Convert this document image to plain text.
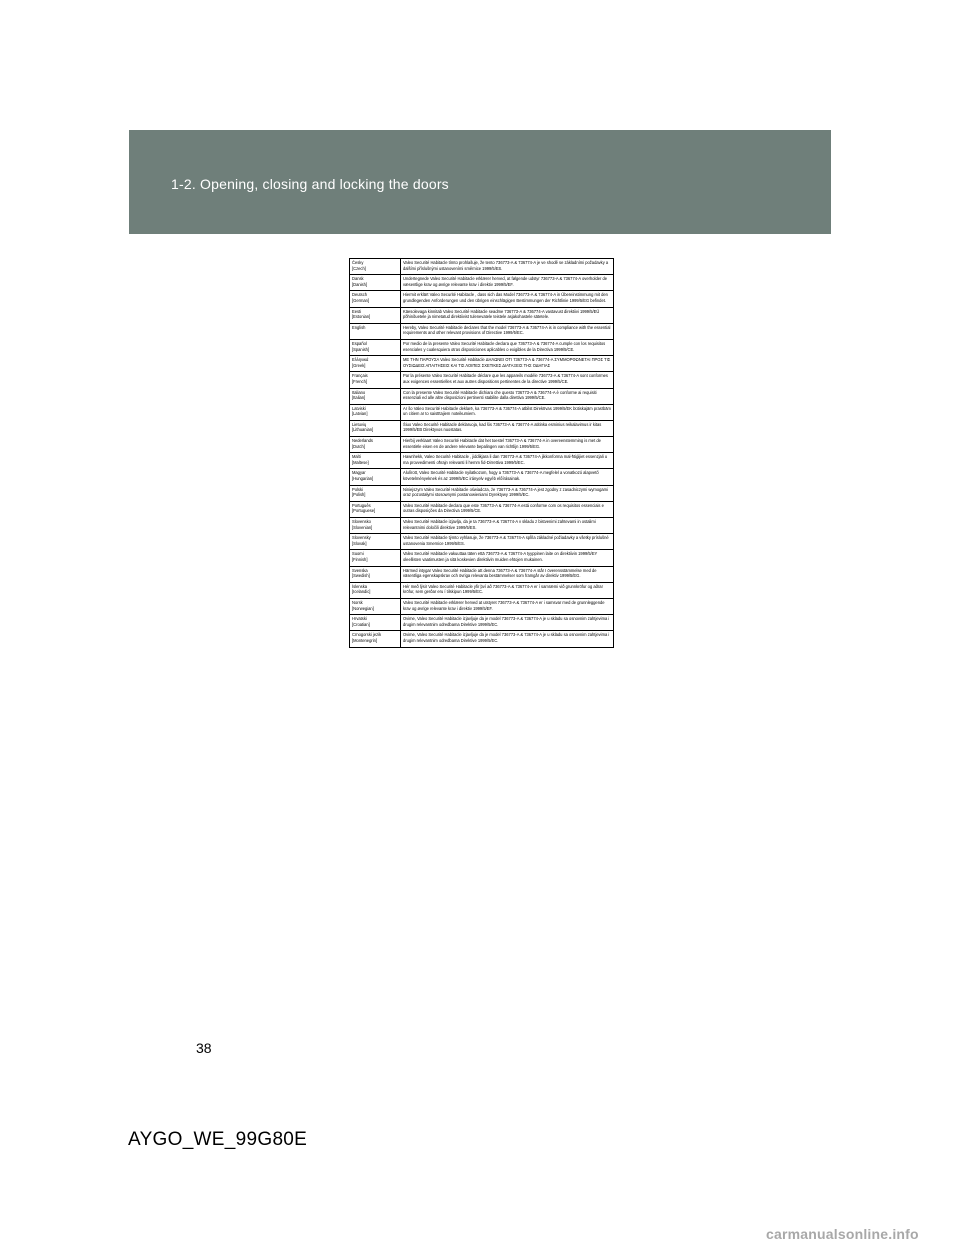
1-2. Opening, closing and locking the doors
Česky
[Czech]	Valeo Securité Habitacle tímto prohlašuje, že tento 736773-A & 736774-A je ve shodě se základními požadavky a dalšími příslušnými ustanoveními směrnice 1999/5/ES.

Dansk
[Danish]	Undertegnede Valeo Securité Habitacle erklærer herved, at følgende udstyr 736773-A & 736774-A overholder de væsentlige krav og øvrige relevante krav i direktiv 1999/5/EF.

Deutsch
[German]	Hiermit erklärt Valeo Securité Habitacle , dass sich das Model 736773-A & 736774-A in Übereinstimmung mit den grundlegenden Anforderungen und den übrigen einschlägigen Bestimmungen der Richtlinie 1999/5/EG befindet.

Eesti
[Estonian]	Käesolevaga kinnitab Valeo Securité Habitacle seadme 736773-A & 736774-A vastavust direktiivi 1999/5/EÜ põhinõuetele ja nimetatud direktiivist tulenevatele teistele asjakohastele sätetele.

English	Hereby, Valeo Securité Habitacle declares that the model 736773-A & 736774-A is in compliance with the essential requirements and other relevant provisions of Directive 1999/5/EC.

Español
[Spanish]	Por medio de la presente Valeo Securité Habitacle declara que 736773-A & 736774-A cumple con los requisitos esenciales y cualesquiera otras disposiciones aplicables o exigibles de la Directiva 1999/5/CE.

Ελληνικά
[Greek]	ΜΕ ΤΗΝ ΠΑΡΟΥΣΑ Valeo Securité Habitacle ΔΗΛΩΝΕΙ ΟΤΙ 736773-A & 736774-A ΣΥΜΜΟΡΦΩΝΕΤΑΙ ΠΡΟΣ ΤΙΣ ΟΥΣΙΩΔΕΙΣ ΑΠΑΙΤΗΣΕΙΣ ΚΑΙ ΤΙΣ ΛΟΙΠΕΣ ΣΧΕΤΙΚΕΣ ΔΙΑΤΑΞΕΙΣ ΤΗΣ ΟΔΗΓΙΑΣ

Français
[French]	Par la présente Valeo Securité Habitacle déclare que les appareils modèle 736773-A & 736774-A sont conformes aux exigences essentielles et aux autres dispositions pertinentes de la directive 1999/5/CE.

Italiano
[Italian]	Con la presente Valeo Securité Habitacle dichiara che questo 736773-A & 736774-A è conforme ai requisiti essenziali ed alle altre disposizioni pertinenti stabilite dalla direttiva 1999/5/CE.

Latviski
[Latvian]	Ar šo Valeo Securité Habitacle deklarē, ka 736773-A & 736774-A atbilst Direktīvas 1999/5/EK būtiskajām prasībām un citiem ar to saistītajiem noteikumiem.

Lietuvių
[Lithuanian]	Šiuo Valeo Securité Habitacle deklaruoja, kad šis 736773-A & 736774-A atitinka esminius reikalavimus ir kitas 1999/5/EB Direktyvos nuostatas.

Nederlands
[Dutch]	Hierbij verklaart Valeo Securité Habitacle dat het toestel 736773-A & 736774-A in overeenstemming is met de essentiële eisen en de andere relevante bepalingen van richtlijn 1999/5/EG.

Malti
[Maltese]	Hawnhekk, Valeo Securité Habitacle , jiddikjara li dan 736773-A & 736774-A jikkonforma mal-ħtiġijiet essenzjali u ma provvedimenti oħrajn relevanti li hemm fid-Dirrettiva 1999/5/EC.

Magyar
[Hungarian]	Alulírott, Valeo Securité Habitacle nyilatkozom, hogy a 736773-A & 736774-A megfelel a vonatkozó alapvetõ követelményeknek és az 1999/5/EC irányelv egyéb előírásainak.

Polski
[Polish]	Niniejszym Valeo Securité Habitacle oświadcza, że 736773-A & 736774-A jest zgodny z zasadniczymi wymogami oraz pozostałymi stosownymi postanowieniami Dyrektywy 1999/5/EC.

Português
[Portuguese]	Valeo Securité Habitacle declara que este 736773-A & 736774-A está conforme com os requisitos essenciais e outras disposições da Directiva 1999/5/CE.

Slovensko
[Slovenian]	Valeo Securité Habitacle izjavlja, da je ta 736773-A & 736774-A v skladu z bistvenimi zahtevami in ostalimi relevantnimi določili direktive 1999/5/ES.

Slovensky
[Slovak]	Valeo Securité Habitacle týmto vyhlasuje, že 736773-A & 736774-A spĺňa základné požiadavky a všetky príslušné ustanovenia Smernice 1999/5/ES.

Suomi
[Finnish]	Valeo Securité Habitacle vakuuttaa täten että 736773-A & 736774-A tyyppinen laite on direktiivin 1999/5/EY oleellisten vaatimusten ja sitä koskevien direktiivin muiden ehtojen mukainen.

Svenska
[Swedish]	Härmed intygar Valeo Securité Habitacle att denna 736773-A & 736774-A står I överensstämmelse med de väsentliga egenskapskrav och övriga relevanta bestämmelser som framgår av direktiv 1999/5/EG.

Íslenska
[Icelandic]	Hér með lýsir Valeo Securité Habitacle yfir því að 736773-A & 736774-A er í samræmi við grunnkröfur og aðrar kröfur, sem gerðar eru í tilskipun 1999/5/EC.

Norsk
[Norwegian]	Valeo Securité Habitacle erklærer herved at utstyret 736773-A & 736774-A er i samsvar med de grunnleggende krav og øvrige relevante krav i direktiv 1999/5/EF.

Hrvatski
[Croatian]	Ovime, Valeo Securité Habitacle izjavljuje da je model 736773-A & 736774-A je u skladu sa osnovnim zahtjevima i drugim relevantnim odredbama Direktive 1999/5/EC.

Crnogorski jezik
[Montenegrin]	Ovime, Valeo Securité Habitacle izjavljuje da je model 736773-A & 736774-A je u skladu sa osnovnim zahtjevima i drugim relevantnim odredbama Direktive 1999/5/EC.
38
AYGO_WE_99G80E
carmanualsonline.info
